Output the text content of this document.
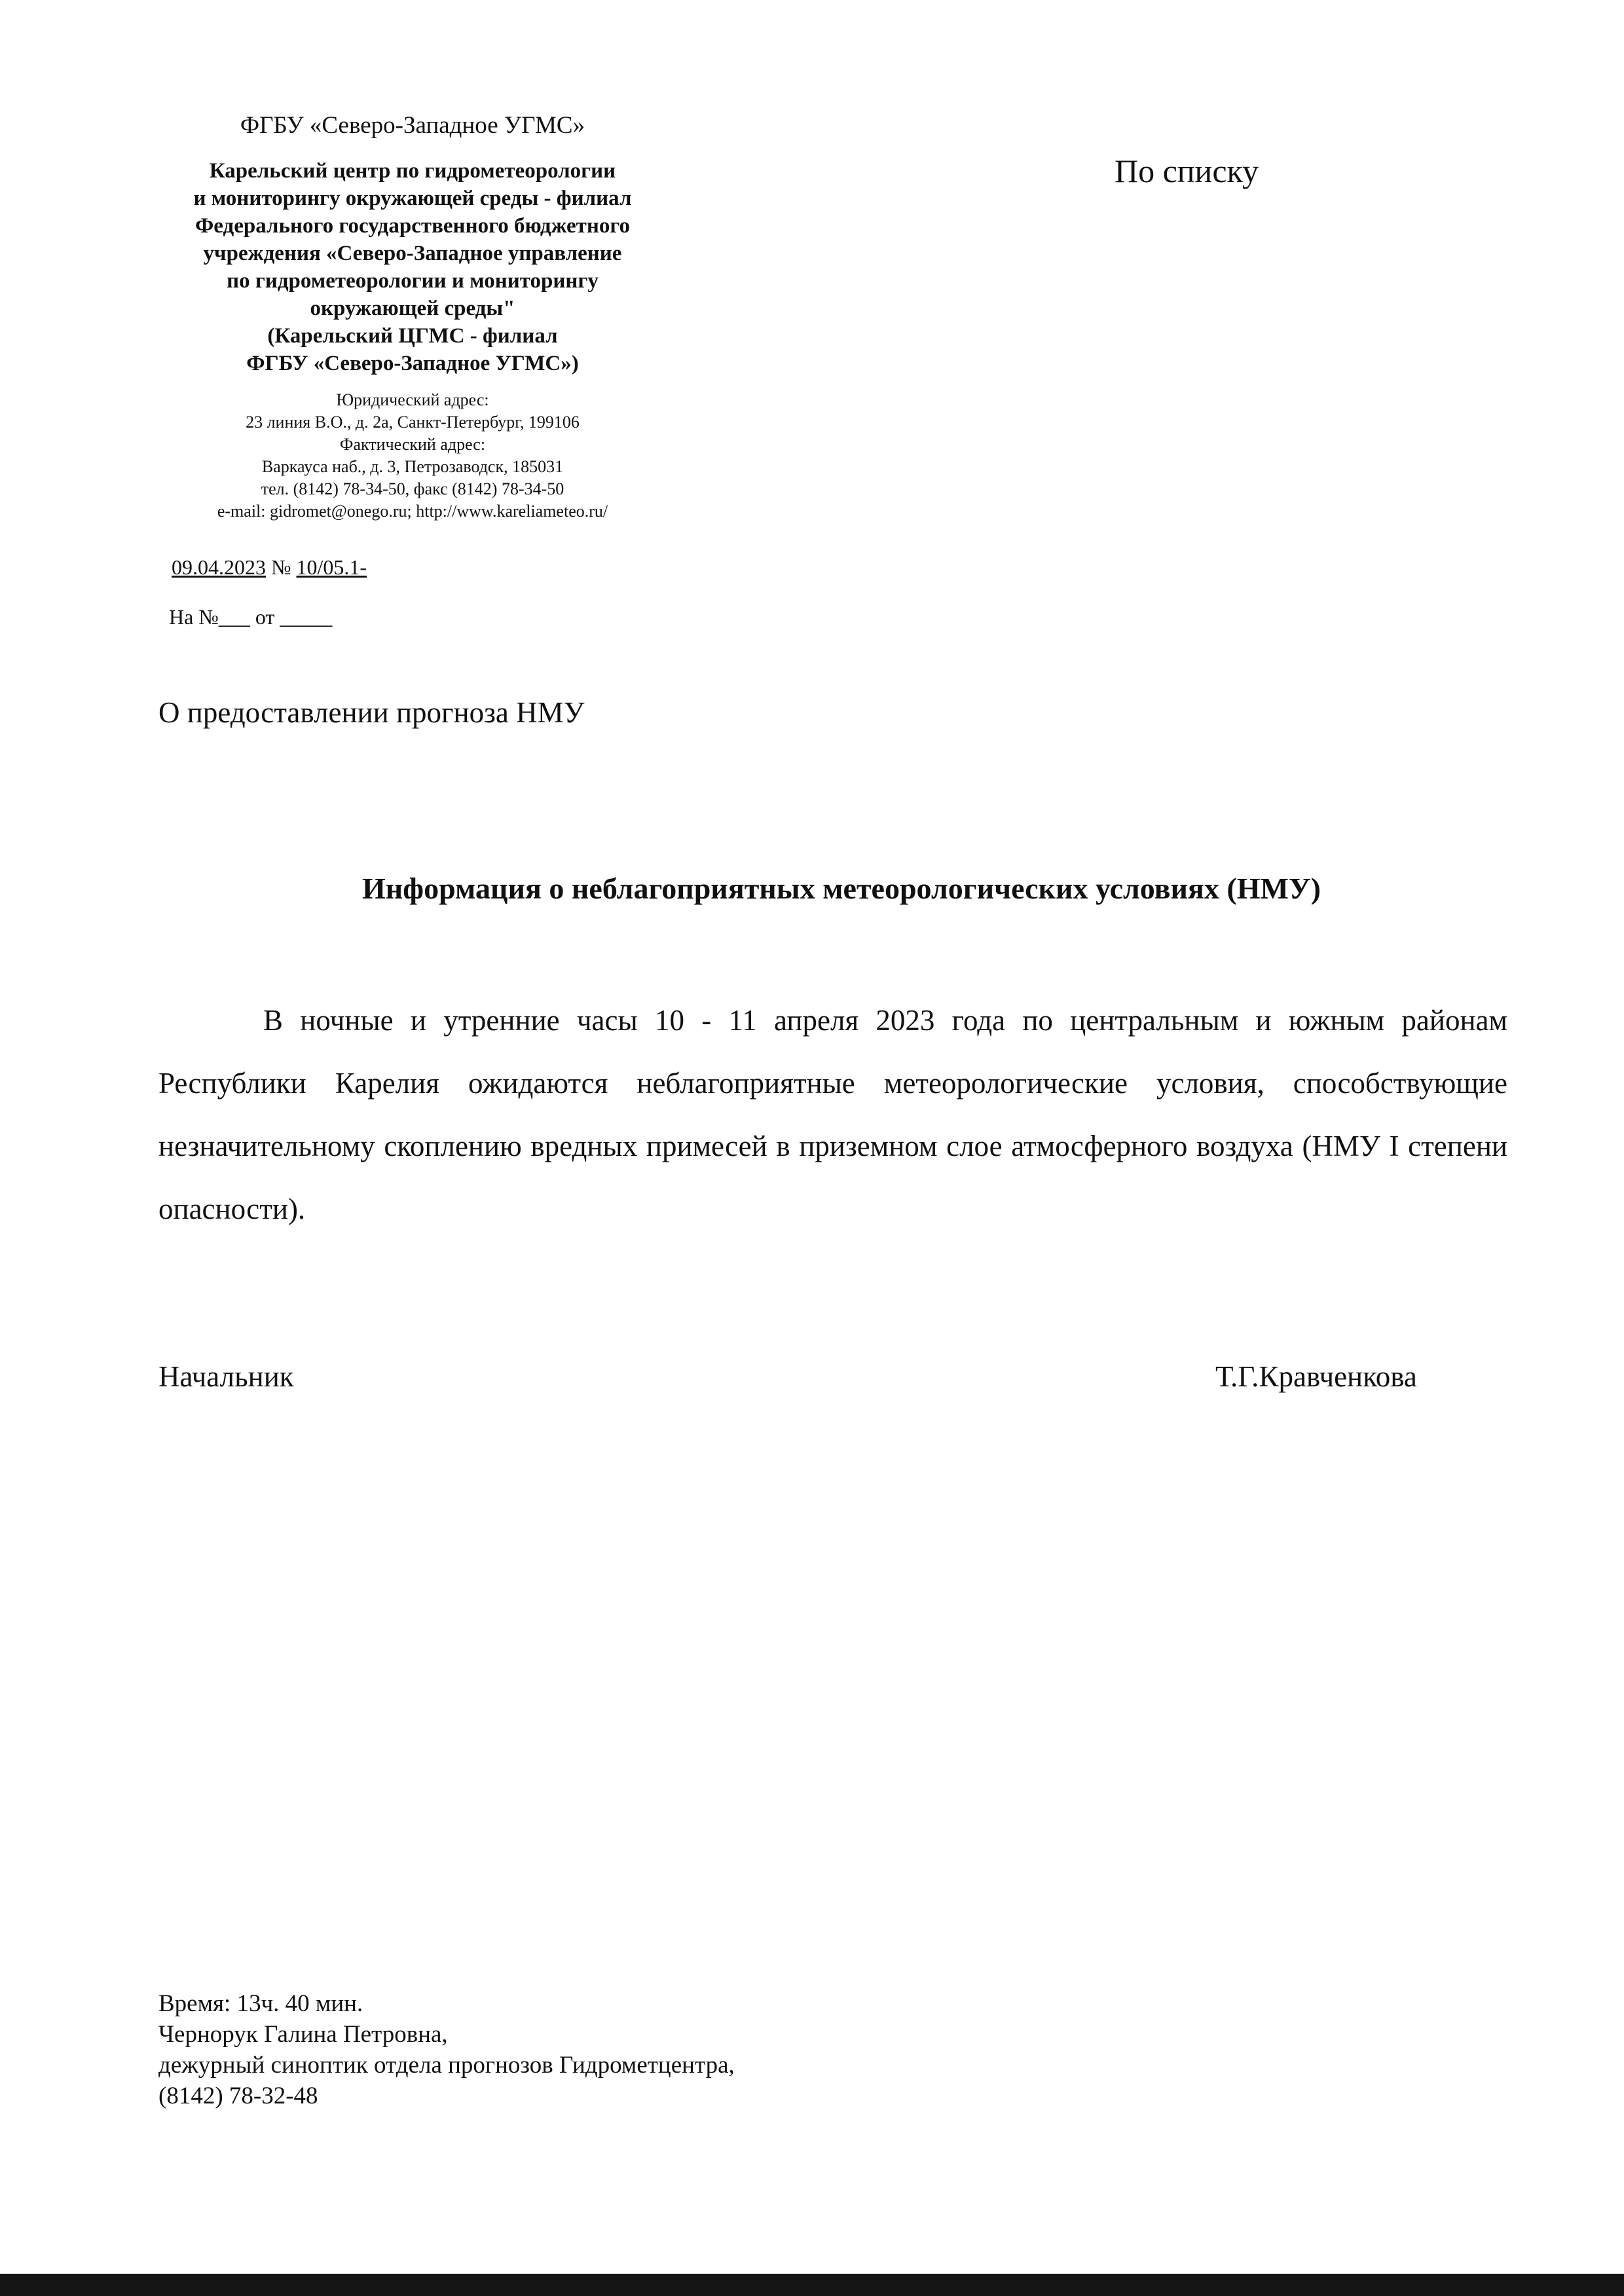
ФГБУ «Северо-Западное УГМС»
Карельский центр по гидрометеорологии
и мониторингу окружающей среды - филиал
Федерального государственного бюджетного
учреждения «Северо-Западное управление
по гидрометеорологии и мониторингу
окружающей среды"
(Карельский ЦГМС - филиал
ФГБУ «Северо-Западное УГМС»)
Юридический адрес:
23 линия В.О., д. 2а, Санкт-Петербург, 199106
Фактический адрес:
Варкауса наб., д. 3, Петрозаводск, 185031
тел. (8142) 78-34-50, факс (8142) 78-34-50
e-mail: gidromet@onego.ru; http://www.kareliameteo.ru/
09.04.2023 № 10/05.1-
На №___ от _____
По списку
О предоставлении прогноза НМУ
Информация о неблагоприятных метеорологических условиях (НМУ)
В ночные и утренние часы 10 - 11 апреля 2023 года по центральным и южным районам Республики Карелия ожидаются неблагоприятные метеорологические условия, способствующие незначительному скоплению вредных примесей в приземном слое атмосферного воздуха (НМУ I степени опасности).
Начальник	Т.Г.Кравченкова
Время: 13ч. 40 мин.
Чернорук Галина Петровна,
дежурный синоптик отдела прогнозов Гидрометцентра,
(8142) 78-32-48
